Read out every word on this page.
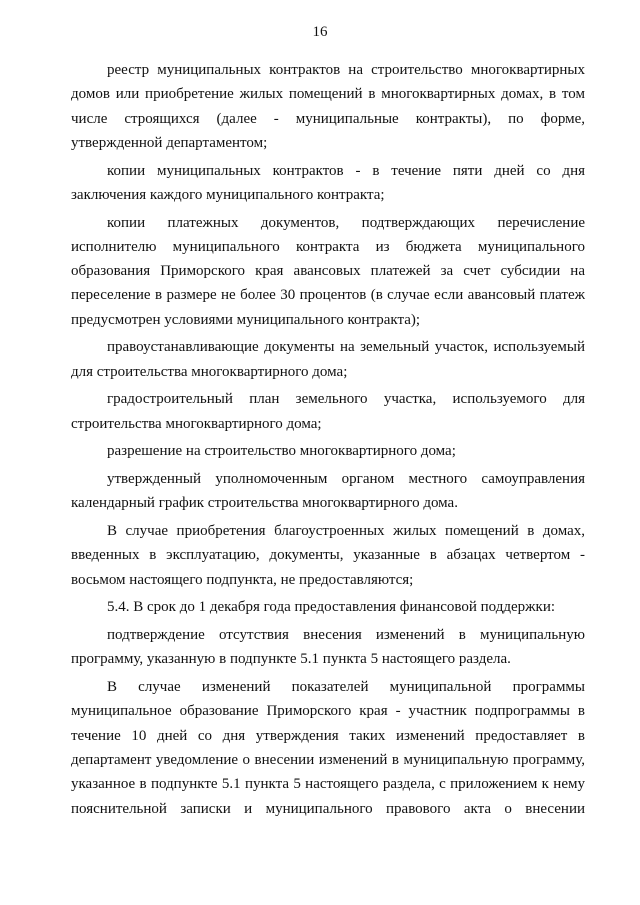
16

реестр муниципальных контрактов на строительство многоквартирных домов или приобретение жилых помещений в многоквартирных домах, в том числе строящихся (далее - муниципальные контракты), по форме, утвержденной департаментом;

копии муниципальных контрактов - в течение пяти дней со дня заключения каждого муниципального контракта;

копии платежных документов, подтверждающих перечисление исполнителю муниципального контракта из бюджета муниципального образования Приморского края авансовых платежей за счет субсидии на переселение в размере не более 30 процентов (в случае если авансовый платеж предусмотрен условиями муниципального контракта);

правоустанавливающие документы на земельный участок, используемый для строительства многоквартирного дома;

градостроительный план земельного участка, используемого для строительства многоквартирного дома;

разрешение на строительство многоквартирного дома;

утвержденный уполномоченным органом местного самоуправления календарный график строительства многоквартирного дома.

В случае приобретения благоустроенных жилых помещений в домах, введенных в эксплуатацию, документы, указанные в абзацах четвертом - восьмом настоящего подпункта, не предоставляются;

5.4. В срок до 1 декабря года предоставления финансовой поддержки:

подтверждение отсутствия внесения изменений в муниципальную программу, указанную в подпункте 5.1 пункта 5 настоящего раздела.

В случае изменений показателей муниципальной программы муниципальное образование Приморского края - участник подпрограммы в течение 10 дней со дня утверждения таких изменений предоставляет в департамент уведомление о внесении изменений в муниципальную программу, указанное в подпункте 5.1 пункта 5 настоящего раздела, с приложением к нему пояснительной записки и муниципального правового акта о внесении
